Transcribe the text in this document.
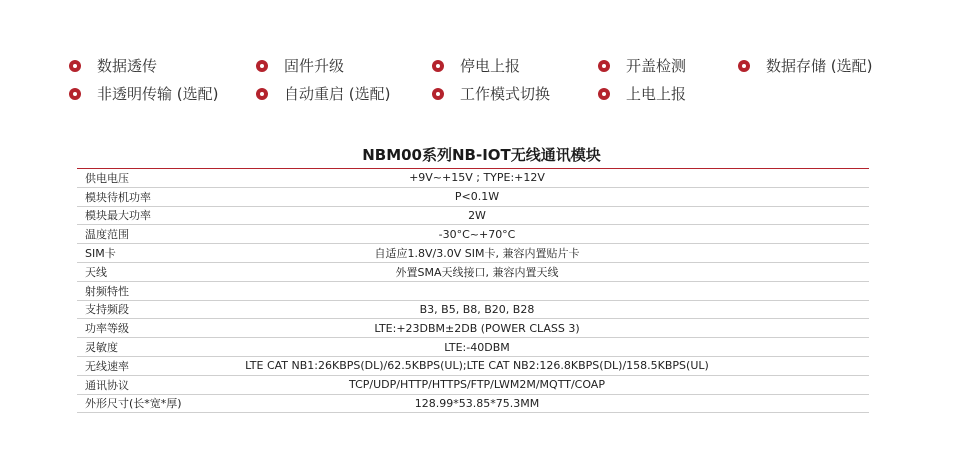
数据透传	固件升级	停电上报	开盖检测	数据存储 (选配)
非透明传输 (选配)	自动重启 (选配)	工作模式切换	上电上报
NBM00系列NB-IOT无线通讯模块
供电电压	+9V~+15V ; TYPE:+12V
模块待机功率	P<0.1W
模块最大功率	2W
温度范围	-30°C~+70°C
SIM卡	自适应1.8V/3.0V SIM卡, 兼容内置贴片卡
天线	外置SMA天线接口, 兼容内置天线
射频特性
支持频段	B3, B5, B8, B20, B28
功率等级	LTE:+23DBM±2DB (POWER CLASS 3)
灵敏度	LTE:-40DBM
无线速率	LTE CAT NB1:26KBPS(DL)/62.5KBPS(UL);LTE CAT NB2:126.8KBPS(DL)/158.5KBPS(UL)
通讯协议	TCP/UDP/HTTP/HTTPS/FTP/LWM2M/MQTT/COAP
外形尺寸(长*宽*厚)	128.99*53.85*75.3MM
